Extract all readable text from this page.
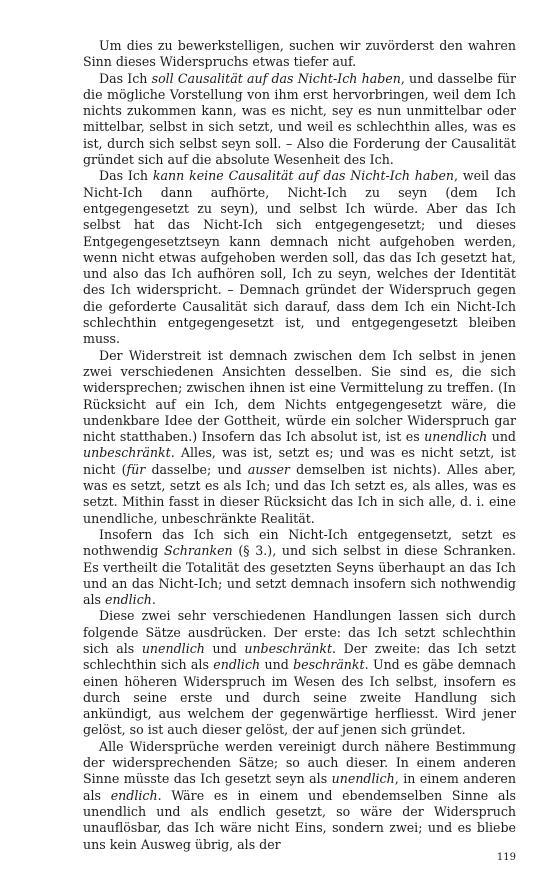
Um dies zu bewerkstelligen, suchen wir zuvörderst den wahren Sinn dieses Widerspruchs etwas tiefer auf.

Das Ich soll Causalität auf das Nicht-Ich haben, und dasselbe für die mögliche Vorstellung von ihm erst hervorbringen, weil dem Ich nichts zukommen kann, was es nicht, sey es nun unmittelbar oder mittelbar, selbst in sich setzt, und weil es schlechthin alles, was es ist, durch sich selbst seyn soll. – Also die Forderung der Causalität gründet sich auf die absolute Wesenheit des Ich.

Das Ich kann keine Causalität auf das Nicht-Ich haben, weil das Nicht-Ich dann aufhörte, Nicht-Ich zu seyn (dem Ich entgegengesetzt zu seyn), und selbst Ich würde. Aber das Ich selbst hat das Nicht-Ich sich entgegengesetzt; und dieses Entgegengesetztseyn kann demnach nicht aufgehoben werden, wenn nicht etwas aufgehoben werden soll, das das Ich gesetzt hat, und also das Ich aufhören soll, Ich zu seyn, welches der Identität des Ich widerspricht. – Demnach gründet der Widerspruch gegen die geforderte Causalität sich darauf, dass dem Ich ein Nicht-Ich schlechthin entgegengesetzt ist, und entgegengesetzt bleiben muss.

Der Widerstreit ist demnach zwischen dem Ich selbst in jenen zwei verschiedenen Ansichten desselben. Sie sind es, die sich widersprechen; zwischen ihnen ist eine Vermittelung zu treffen. (In Rücksicht auf ein Ich, dem Nichts entgegengesetzt wäre, die undenkbare Idee der Gottheit, würde ein solcher Widerspruch gar nicht statthaben.) Insofern das Ich absolut ist, ist es unendlich und unbeschränkt. Alles, was ist, setzt es; und was es nicht setzt, ist nicht (für dasselbe; und ausser demselben ist nichts). Alles aber, was es setzt, setzt es als Ich; und das Ich setzt es, als alles, was es setzt. Mithin fasst in dieser Rücksicht das Ich in sich alle, d. i. eine unendliche, unbeschränkte Realität.

Insofern das Ich sich ein Nicht-Ich entgegensetzt, setzt es nothwendig Schranken (§ 3.), und sich selbst in diese Schranken. Es vertheilt die Totalität des gesetzten Seyns überhaupt an das Ich und an das Nicht-Ich; und setzt demnach insofern sich nothwendig als endlich.

Diese zwei sehr verschiedenen Handlungen lassen sich durch folgende Sätze ausdrücken. Der erste: das Ich setzt schlechthin sich als unendlich und unbeschränkt. Der zweite: das Ich setzt schlechthin sich als endlich und beschränkt. Und es gäbe demnach einen höheren Widerspruch im Wesen des Ich selbst, insofern es durch seine erste und durch seine zweite Handlung sich ankündigt, aus welchem der gegenwärtige herfliesst. Wird jener gelöst, so ist auch dieser gelöst, der auf jenen sich gründet.

Alle Widersprüche werden vereinigt durch nähere Bestimmung der widersprechenden Sätze; so auch dieser. In einem anderen Sinne müsste das Ich gesetzt seyn als unendlich, in einem anderen als endlich. Wäre es in einem und ebendemselben Sinne als unendlich und als endlich gesetzt, so wäre der Widerspruch unauflösbar, das Ich wäre nicht Eins, sondern zwei; und es bliebe uns kein Ausweg übrig, als der

119
